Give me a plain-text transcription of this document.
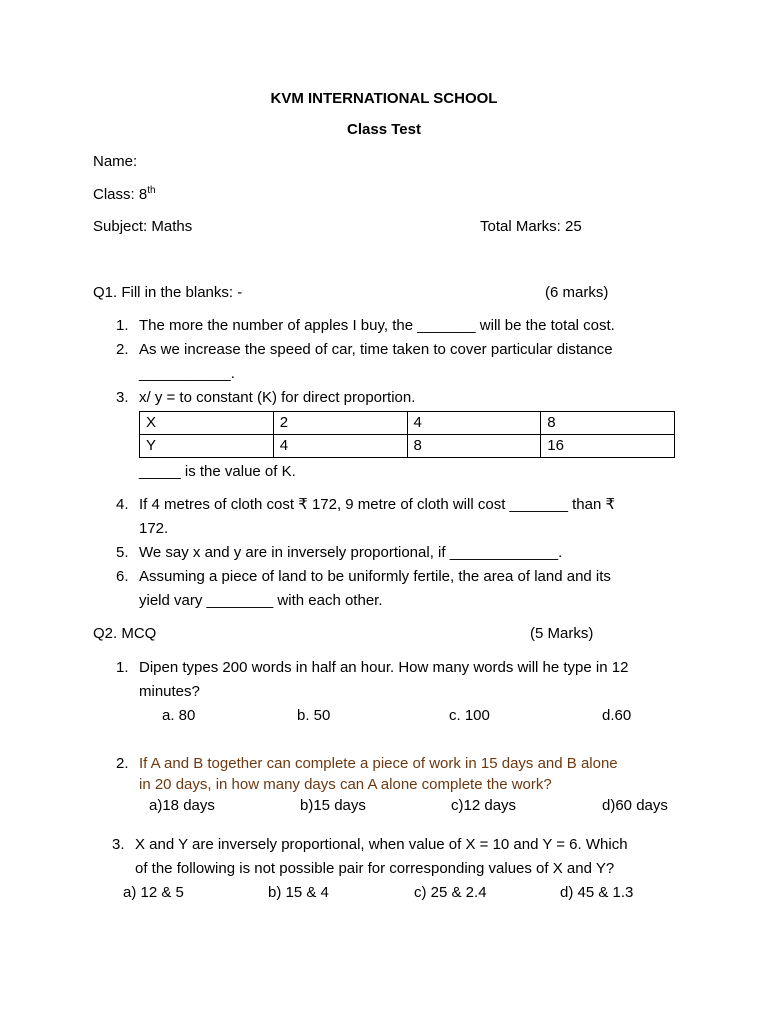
KVM INTERNATIONAL SCHOOL
Class Test
Name:
Class: 8th
Subject: Maths	Total Marks: 25
Q1. Fill in the blanks: -	(6 marks)
1. The more the number of apples I buy, the _______ will be the total cost.
2. As we increase the speed of car, time taken to cover particular distance
___________.
3. x/ y = to constant (K) for direct proportion.
X	2	4	8
Y	4	8	16
_____ is the value of K.
4. If 4 metres of cloth cost ₹ 172, 9 metre of cloth will cost _______ than ₹
172.
5. We say x and y are in inversely proportional, if _____________.
6. Assuming a piece of land to be uniformly fertile, the area of land and its
yield vary ________ with each other.
Q2. MCQ	(5 Marks)
1. Dipen types 200 words in half an hour. How many words will he type in 12
minutes?
a. 80	b. 50	c. 100	d.60
2. If A and B together can complete a piece of work in 15 days and B alone
in 20 days, in how many days can A alone complete the work?
a)18 days	b)15 days	c)12 days	d)60 days
3. X and Y are inversely proportional, when value of X = 10 and Y = 6. Which
of the following is not possible pair for corresponding values of X and Y?
a) 12 & 5	b) 15 & 4	c) 25 & 2.4	d) 45 & 1.3
